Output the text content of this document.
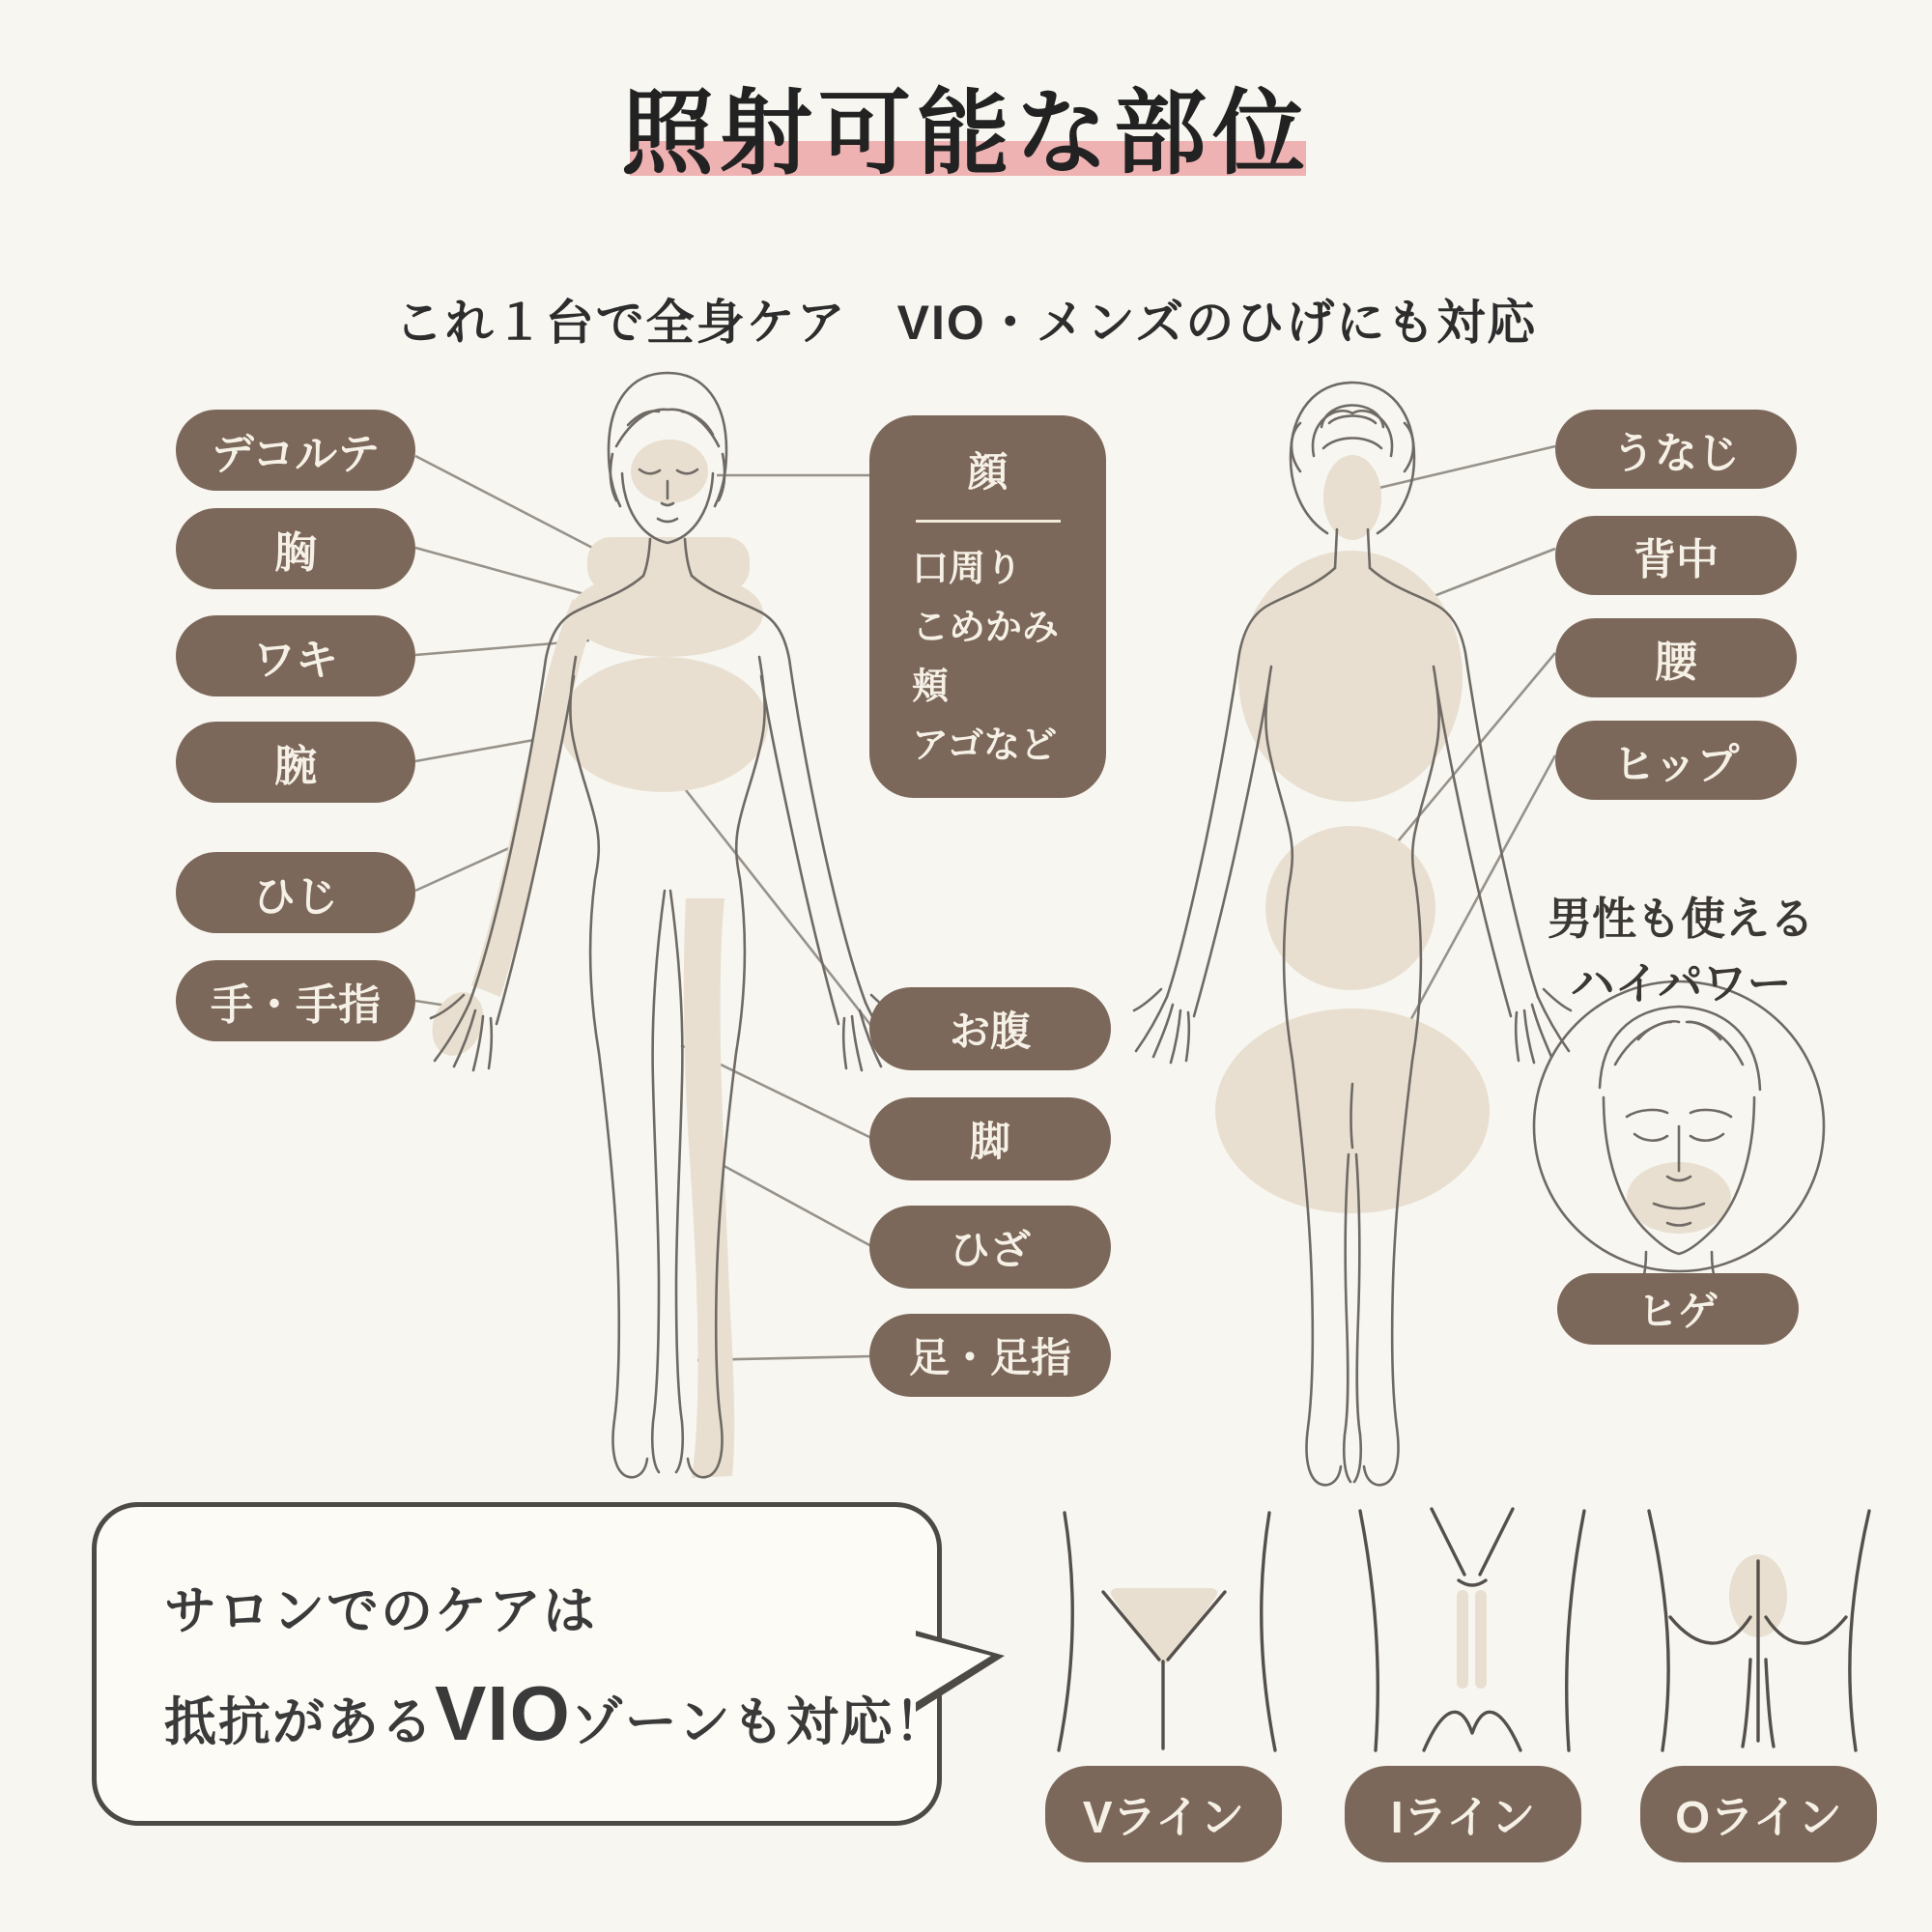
照射可能な部位
これ１台で全身ケア　VIO・メンズのひげにも対応
デコルテ
胸
ワキ
腕
ひじ
手・手指
顔
口周り
こめかみ
頬
アゴなど
お腹
脚
ひざ
足・足指
うなじ
背中
腰
ヒップ
男性も使える
ハイパワー
ヒゲ
サロンでのケアは
抵抗がある VIO ゾーンも対応！
Vライン	Iライン	Oライン
